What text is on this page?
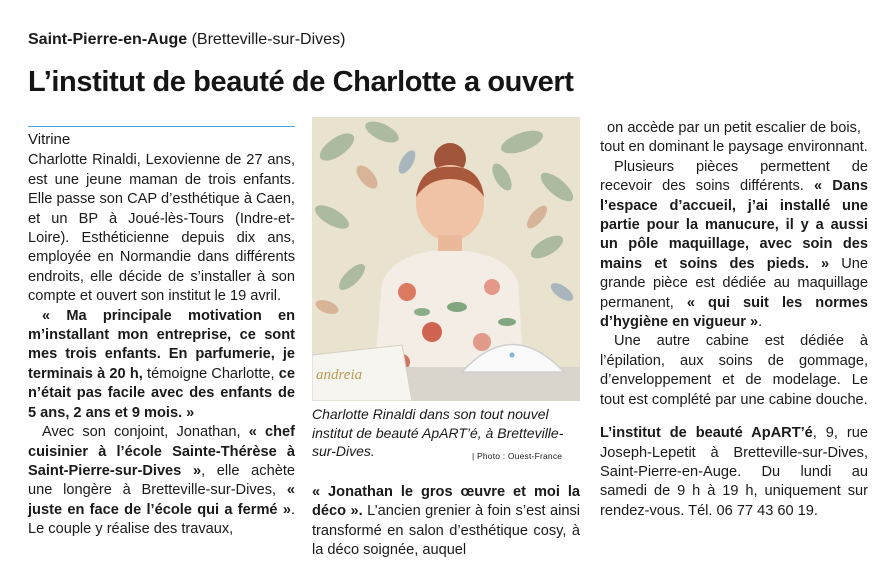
Saint-Pierre-en-Auge (Bretteville-sur-Dives)
L’institut de beauté de Charlotte a ouvert
Vitrine

Charlotte Rinaldi, Lexovienne de 27 ans, est une jeune maman de trois enfants. Elle passe son CAP d’esthétique à Caen, et un BP à Joué-lès-Tours (Indre-et-Loire). Esthéticienne depuis dix ans, employée en Normandie dans différents endroits, elle décide de s’installer à son compte et ouvert son institut le 19 avril.

« Ma principale motivation en m’installant mon entreprise, ce sont mes trois enfants. En parfumerie, je terminais à 20 h, témoigne Charlotte, ce n’était pas facile avec des enfants de 5 ans, 2 ans et 9 mois. »

Avec son conjoint, Jonathan, « chef cuisinier à l’école Sainte-Thérèse à Saint-Pierre-sur-Dives », elle achète une longère à Bretteville-sur-Dives, « juste en face de l’école qui a fermé ». Le couple y réalise des travaux,

andreia
Charlotte Rinaldi dans son tout nouvel institut de beauté ApART’é, à Bretteville-sur-Dives.	| Photo : Ouest-France

« Jonathan le gros œuvre et moi la déco ». L’ancien grenier à foin s’est ainsi transformé en salon d’esthétique cosy, à la déco soignée, auquel

on accède par un petit escalier de bois, tout en dominant le paysage environnant.

Plusieurs pièces permettent de recevoir des soins différents. « Dans l’espace d’accueil, j’ai installé une partie pour la manucure, il y a aussi un pôle maquillage, avec soin des mains et soins des pieds. » Une grande pièce est dédiée au maquillage permanent, « qui suit les normes d’hygiène en vigueur ».

Une autre cabine est dédiée à l’épilation, aux soins de gommage, d’enveloppement et de modelage. Le tout est complété par une cabine douche.

L’institut de beauté ApART’é, 9, rue Joseph-Lepetit à Bretteville-sur-Dives, Saint-Pierre-en-Auge. Du lundi au samedi de 9 h à 19 h, uniquement sur rendez-vous. Tél. 06 77 43 60 19.
